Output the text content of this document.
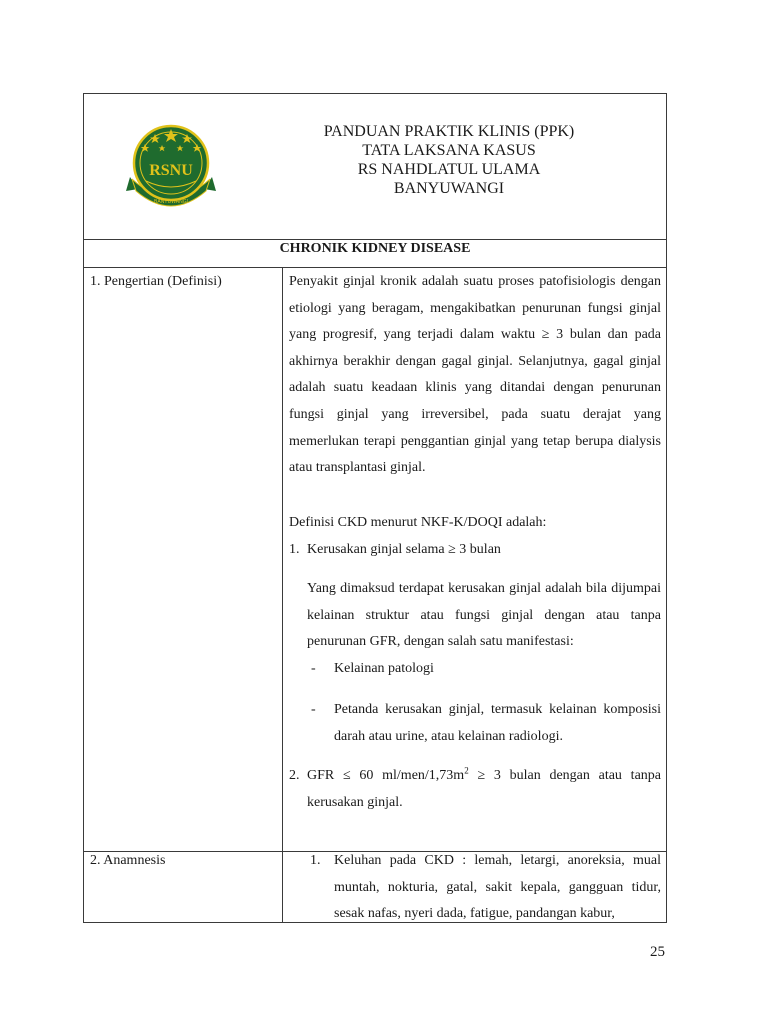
RSNU
BANYUWANGI
PANDUAN PRAKTIK KLINIS (PPK)
TATA LAKSANA KASUS
RS NAHDLATUL ULAMA
BANYUWANGI
CHRONIK KIDNEY DISEASE
1. Pengertian (Definisi)	Penyakit ginjal kronik adalah suatu proses patofisiologis dengan etiologi yang beragam, mengakibatkan penurunan fungsi ginjal yang progresif, yang terjadi dalam waktu ≥ 3 bulan dan pada akhirnya berakhir dengan gagal ginjal. Selanjutnya, gagal ginjal adalah suatu keadaan klinis yang ditandai dengan penurunan fungsi ginjal yang irreversibel, pada suatu derajat yang memerlukan terapi penggantian ginjal yang tetap berupa dialysis atau transplantasi ginjal.
Definisi CKD menurut NKF-K/DOQI adalah:
1. Kerusakan ginjal selama ≥ 3 bulan
Yang dimaksud terdapat kerusakan ginjal adalah bila dijumpai kelainan struktur atau fungsi ginjal dengan atau tanpa penurunan GFR, dengan salah satu manifestasi:
- Kelainan patologi
- Petanda kerusakan ginjal, termasuk kelainan komposisi darah atau urine, atau kelainan radiologi.
2. GFR ≤ 60 $ml/men/1,73m^2 \ge 3$ bulan dengan atau tanpa kerusakan ginjal.
2. Anamnesis	1. Keluhan pada CKD : lemah, letargi, anoreksia, mual muntah, nokturia, gatal, sakit kepala, gangguan tidur, sesak nafas, nyeri dada, fatigue, pandangan kabur,
25
